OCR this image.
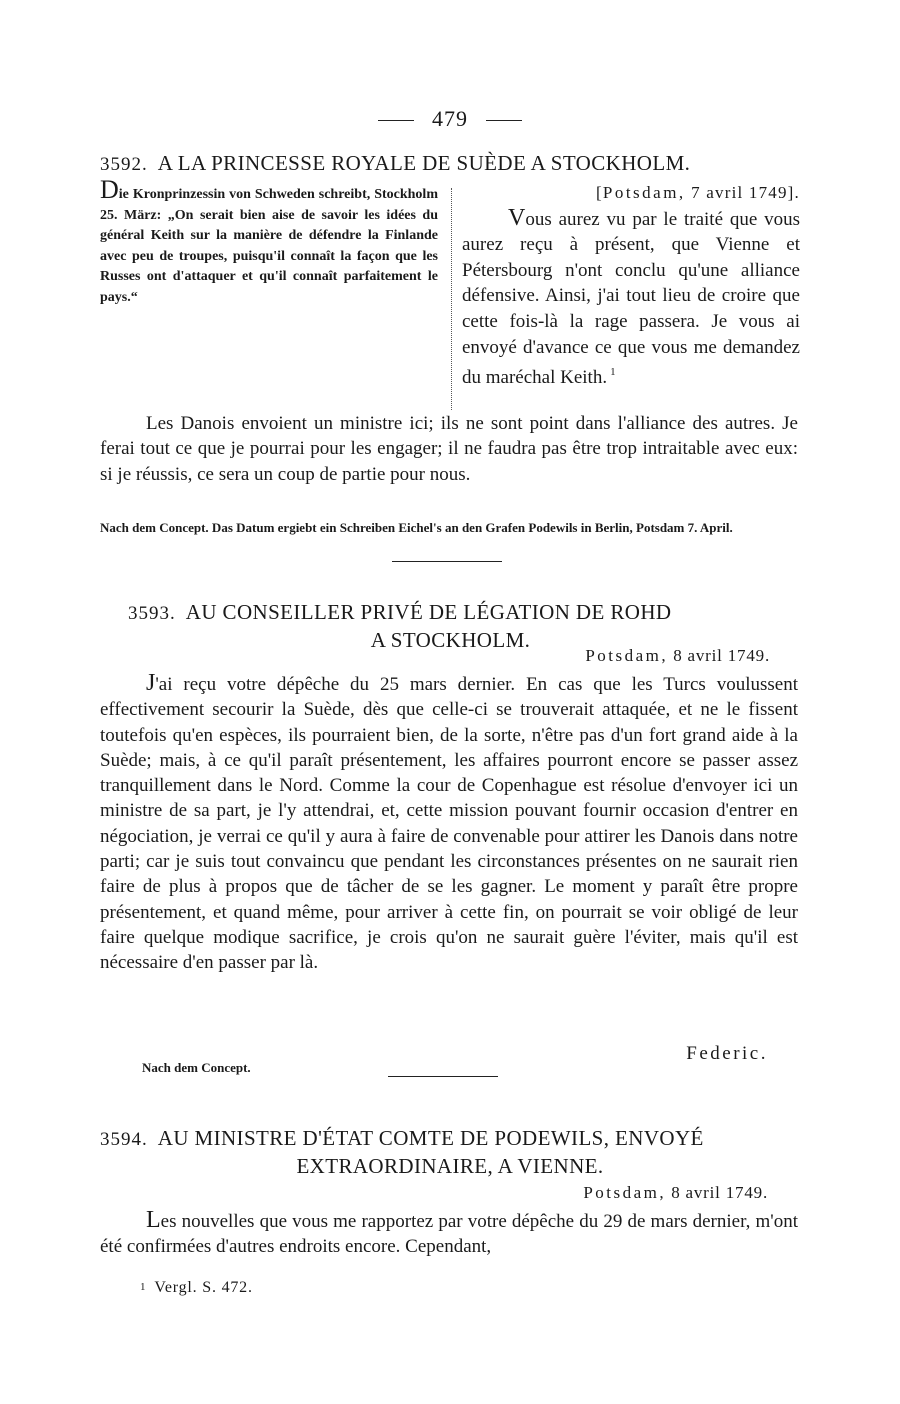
479
3592. A LA PRINCESSE ROYALE DE SUÈDE A STOCKHOLM.
Die Kronprinzessin von Schweden schreibt, Stockholm 25. März: „On serait bien aise de savoir les idées du général Keith sur la manière de défendre la Finlande avec peu de troupes, puisqu'il connaît la façon que les Russes ont d'attaquer et qu'il connaît parfaitement le pays.“
[Potsdam, 7 avril 1749].
Vous aurez vu par le traité que vous aurez reçu à présent, que Vienne et Pétersbourg n'ont conclu qu'une alliance défensive. Ainsi, j'ai tout lieu de croire que cette fois-là la rage passera. Je vous ai envoyé d'avance ce que vous me demandez du maréchal Keith. $^1$
Les Danois envoient un ministre ici; ils ne sont point dans l'alliance des autres. Je ferai tout ce que je pourrai pour les engager; il ne faudra pas être trop intraitable avec eux: si je réussis, ce sera un coup de partie pour nous.
Nach dem Concept. Das Datum ergiebt ein Schreiben Eichel's an den Grafen Podewils in Berlin, Potsdam 7. April.
3593. AU CONSEILLER PRIVÉ DE LÉGATION DE ROHD
A STOCKHOLM.
Potsdam, 8 avril 1749.
J'ai reçu votre dépêche du 25 mars dernier. En cas que les Turcs voulussent effectivement secourir la Suède, dès que celle-ci se trouverait attaquée, et ne le fissent toutefois qu'en espèces, ils pourraient bien, de la sorte, n'être pas d'un fort grand aide à la Suède; mais, à ce qu'il paraît présentement, les affaires pourront encore se passer assez tranquillement dans le Nord. Comme la cour de Copenhague est résolue d'envoyer ici un ministre de sa part, je l'y attendrai, et, cette mission pouvant fournir occasion d'entrer en négociation, je verrai ce qu'il y aura à faire de convenable pour attirer les Danois dans notre parti; car je suis tout convaincu que pendant les circonstances présentes on ne saurait rien faire de plus à propos que de tâcher de se les gagner. Le moment y paraît être propre présentement, et quand même, pour arriver à cette fin, on pourrait se voir obligé de leur faire quelque modique sacrifice, je crois qu'on ne saurait guère l'éviter, mais qu'il est nécessaire d'en passer par là.
Federic.
Nach dem Concept.
3594. AU MINISTRE D'ÉTAT COMTE DE PODEWILS, ENVOYÉ
EXTRAORDINAIRE, A VIENNE.
Potsdam, 8 avril 1749.
Les nouvelles que vous me rapportez par votre dépêche du 29 de mars dernier, m'ont été confirmées d'autres endroits encore. Cependant,
1 Vergl. S. 472.
